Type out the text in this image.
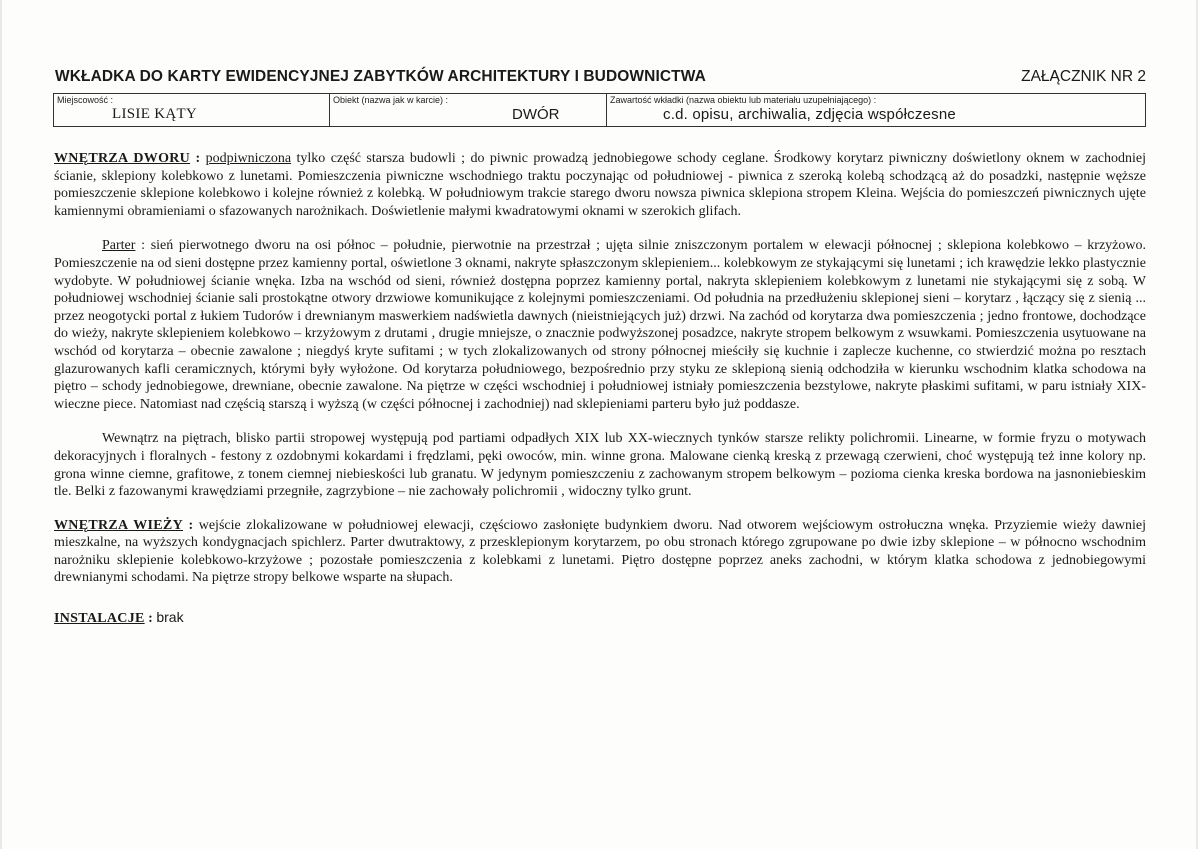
WKŁADKA DO KARTY EWIDENCYJNEJ ZABYTKÓW ARCHITEKTURY I BUDOWNICTWA	ZAŁĄCZNIK NR 2
Miejscowość :
LISIE KĄTY
Obiekt (nazwa jak w karcie) :
DWÓR
Zawartość wkładki (nazwa obiektu lub materiału uzupełniającego) :
c.d. opisu, archiwalia, zdjęcia współczesne

WNĘTRZA DWORU : podpiwniczona tylko część starsza budowli ; do piwnic prowadzą jednobiegowe schody ceglane. Środkowy korytarz piwniczny doświetlony oknem w zachodniej ścianie, sklepiony kolebkowo z lunetami. Pomieszczenia piwniczne wschodniego traktu poczynając od południowej - piwnica z szeroką kolebą schodzącą aż do posadzki, następnie węższe pomieszczenie sklepione kolebkowo i kolejne również z kolebką. W południowym trakcie starego dworu nowsza piwnica sklepiona stropem Kleina. Wejścia do pomieszczeń piwnicznych ujęte kamiennymi obramieniami o sfazowanych narożnikach. Doświetlenie małymi kwadratowymi oknami w szerokich glifach.

Parter : sień pierwotnego dworu na osi północ – południe, pierwotnie na przestrzał ; ujęta silnie zniszczonym portalem w elewacji północnej ; sklepiona kolebkowo – krzyżowo. Pomieszczenie na od sieni dostępne przez kamienny portal, oświetlone 3 oknami, nakryte spłaszczonym sklepieniem... kolebkowym ze stykającymi się lunetami ; ich krawędzie lekko plastycznie wydobyte. W południowej ścianie wnęka. Izba na wschód od sieni, również dostępna poprzez kamienny portal, nakryta sklepieniem kolebkowym z lunetami nie stykającymi się z sobą. W południowej wschodniej ścianie sali prostokątne otwory drzwiowe komunikujące z kolejnymi pomieszczeniami. Od południa na przedłużeniu sklepionej sieni – korytarz , łączący się z sienią ... przez neogotycki portal z łukiem Tudorów i drewnianym maswerkiem nadświetla dawnych (nieistniejących już) drzwi. Na zachód od korytarza dwa pomieszczenia ; jedno frontowe, dochodzące do wieży, nakryte sklepieniem kolebkowo – krzyżowym z drutami , drugie mniejsze, o znacznie podwyższonej posadzce, nakryte stropem belkowym z wsuwkami. Pomieszczenia usytuowane na wschód od korytarza – obecnie zawalone ; niegdyś kryte sufitami ; w tych zlokalizowanych od strony północnej mieściły się kuchnie i zaplecze kuchenne, co stwierdzić można po resztach glazurowanych kafli ceramicznych, którymi były wyłożone. Od korytarza południowego, bezpośrednio przy styku ze sklepioną sienią odchodziła w kierunku wschodnim klatka schodowa na piętro – schody jednobiegowe, drewniane, obecnie zawalone. Na piętrze w części wschodniej i południowej istniały pomieszczenia bezstylowe, nakryte płaskimi sufitami, w paru istniały XIX-wieczne piece. Natomiast nad częścią starszą i wyższą (w części północnej i zachodniej) nad sklepieniami parteru było już poddasze.

Wewnątrz na piętrach, blisko partii stropowej występują pod partiami odpadłych XIX lub XX-wiecznych tynków starsze relikty polichromii. Linearne, w formie fryzu o motywach dekoracyjnych i floralnych - festony z ozdobnymi kokardami i frędzlami, pęki owoców, min. winne grona. Malowane cienką kreską z przewagą czerwieni, choć występują też inne kolory np. grona winne ciemne, grafitowe, z tonem ciemnej niebieskości lub granatu. W jedynym pomieszczeniu z zachowanym stropem belkowym – pozioma cienka kreska bordowa na jasnoniebieskim tle. Belki z fazowanymi krawędziami przegniłe, zagrzybione – nie zachowały polichromii , widoczny tylko grunt.

WNĘTRZA WIEŻY : wejście zlokalizowane w południowej elewacji, częściowo zasłonięte budynkiem dworu. Nad otworem wejściowym ostrołuczna wnęka. Przyziemie wieży dawniej mieszkalne, na wyższych kondygnacjach spichlerz. Parter dwutraktowy, z przesklepionym korytarzem, po obu stronach którego zgrupowane po dwie izby sklepione – w północno wschodnim narożniku sklepienie kolebkowo-krzyżowe ; pozostałe pomieszczenia z kolebkami z lunetami. Piętro dostępne poprzez aneks zachodni, w którym klatka schodowa z jednobiegowymi drewnianymi schodami. Na piętrze stropy belkowe wsparte na słupach.

INSTALACJE : brak
